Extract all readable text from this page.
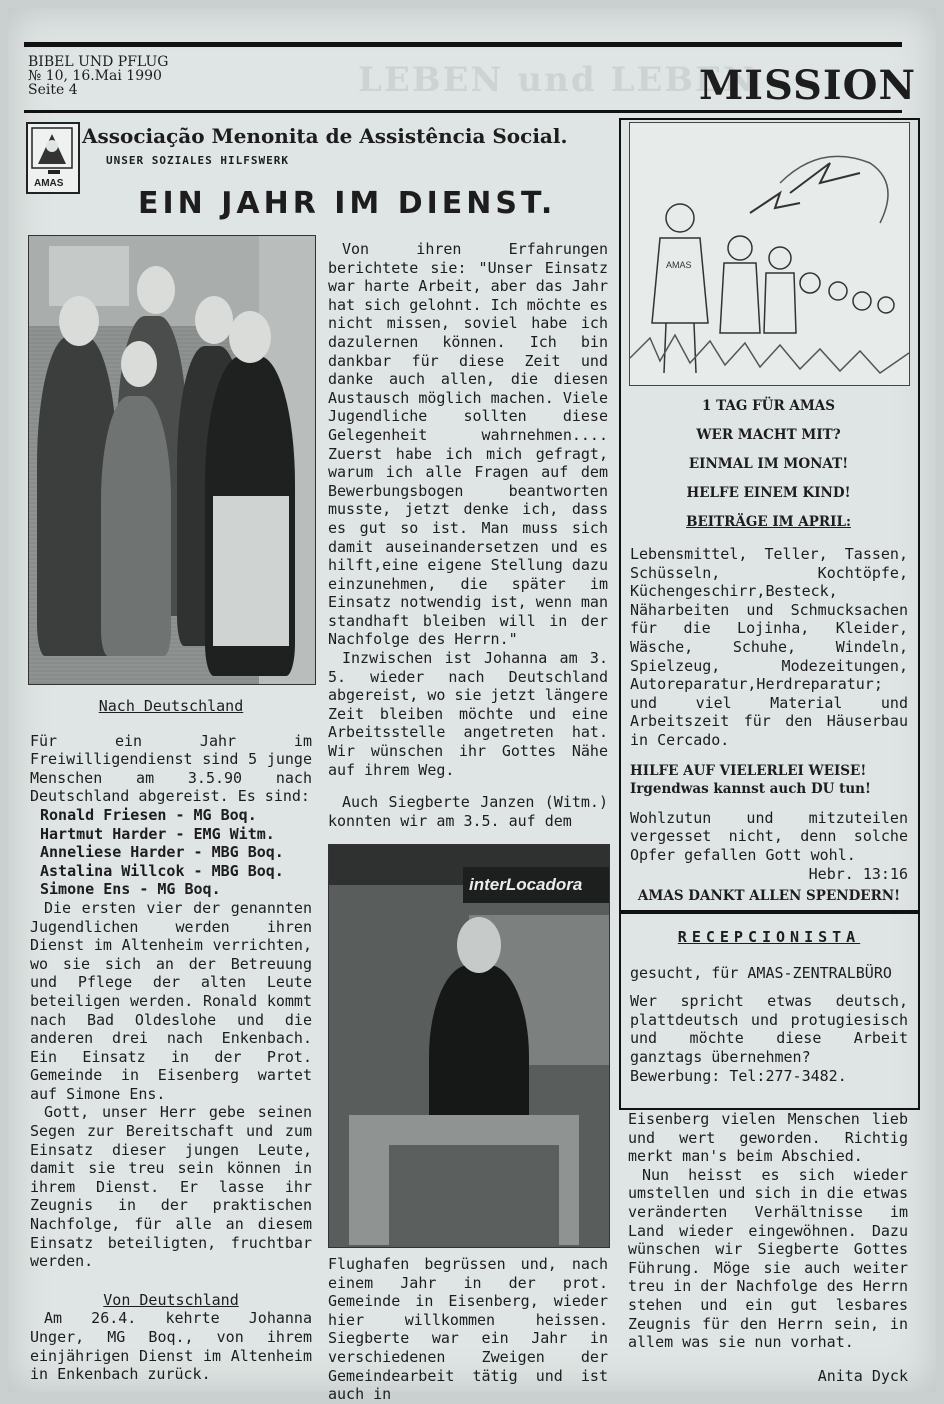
LEBEN und LEBEN
BIBEL UND PFLUG
№ 10, 16.Mai 1990
Seite 4	MISSION
AMAS
Associação Menonita de Assistência Social.
UNSER SOZIALES HILFSWERK
EIN JAHR IM DIENST.

Nach Deutschland

Für ein Jahr im Freiwilligendienst sind 5 junge Menschen am 3.5.90 nach Deutschland abgereist. Es sind:

Ronald Friesen - MG Boq.
Hartmut Harder - EMG Witm.
Anneliese Harder - MBG Boq.
Astalina Willcok - MBG Boq.
Simone Ens - MG Boq.

Die ersten vier der genannten Jugendlichen werden ihren Dienst im Altenheim verrichten, wo sie sich an der Betreuung und Pflege der alten Leute beteiligen werden. Ronald kommt nach Bad Oldeslohe und die anderen drei nach Enkenbach. Ein Einsatz in der Prot. Gemeinde in Eisenberg wartet auf Simone Ens.

Gott, unser Herr gebe seinen Segen zur Bereitschaft und zum Einsatz dieser jungen Leute, damit sie treu sein können in ihrem Dienst. Er lasse ihr Zeugnis in der praktischen Nachfolge, für alle an diesem Einsatz beteiligten, fruchtbar werden.

Von Deutschland

Am 26.4. kehrte Johanna Unger, MG Boq., von ihrem einjährigen Dienst im Altenheim in Enkenbach zurück.

Von ihren Erfahrungen berichtete sie: "Unser Einsatz war harte Arbeit, aber das Jahr hat sich gelohnt. Ich möchte es nicht missen, soviel habe ich dazulernen können. Ich bin dankbar für diese Zeit und danke auch allen, die diesen Austausch möglich machen. Viele Jugendliche sollten diese Gelegenheit wahrnehmen.... Zuerst habe ich mich gefragt, warum ich alle Fragen auf dem Bewerbungsbogen beantworten musste, jetzt denke ich, dass es gut so ist. Man muss sich damit auseinandersetzen und es hilft,eine eigene Stellung dazu einzunehmen, die später im Einsatz notwendig ist, wenn man standhaft bleiben will in der Nachfolge des Herrn."

Inzwischen ist Johanna am 3. 5. wieder nach Deutschland abgereist, wo sie jetzt längere Zeit bleiben möchte und eine Arbeitsstelle angetreten hat. Wir wünschen ihr Gottes Nähe auf ihrem Weg.

Auch Siegberte Janzen (Witm.) konnten wir am 3.5. auf dem

interLocadora

Flughafen begrüssen und, nach einem Jahr in der prot. Gemeinde in Eisenberg, wieder hier willkommen heissen. Siegberte war ein Jahr in verschiedenen Zweigen der Gemeindearbeit tätig und ist auch in

AMAS

1 TAG FÜR AMAS

WER MACHT MIT?

EINMAL IM MONAT!

HELFE EINEM KIND!

BEITRÄGE IM APRIL:

Lebensmittel, Teller, Tassen, Schüsseln, Kochtöpfe, Küchengeschirr,Besteck, Näharbeiten und Schmucksachen für die Lojinha, Kleider, Wäsche, Schuhe, Windeln, Spielzeug, Modezeitungen, Autoreparatur,Herdreparatur; und viel Material und Arbeitszeit für den Häuserbau in Cercado.

HILFE AUF VIELERLEI WEISE!

Irgendwas kannst auch DU tun!

Wohlzutun und mitzuteilen vergesset nicht, denn solche Opfer gefallen Gott wohl.

Hebr. 13:16

AMAS DANKT ALLEN SPENDERN!

RECEPCIONISTA

gesucht, für AMAS-ZENTRALBÜRO

Wer spricht etwas deutsch, plattdeutsch und protugiesisch und möchte diese Arbeit ganztags übernehmen?

Bewerbung: Tel:277-3482.

Eisenberg vielen Menschen lieb und wert geworden. Richtig merkt man's beim Abschied.

Nun heisst es sich wieder umstellen und sich in die etwas veränderten Verhältnisse im Land wieder eingewöhnen. Dazu wünschen wir Siegberte Gottes Führung. Möge sie auch weiter treu in der Nachfolge des Herrn stehen und ein gut lesbares Zeugnis für den Herrn sein, in allem was sie nun vorhat.

Anita Dyck
